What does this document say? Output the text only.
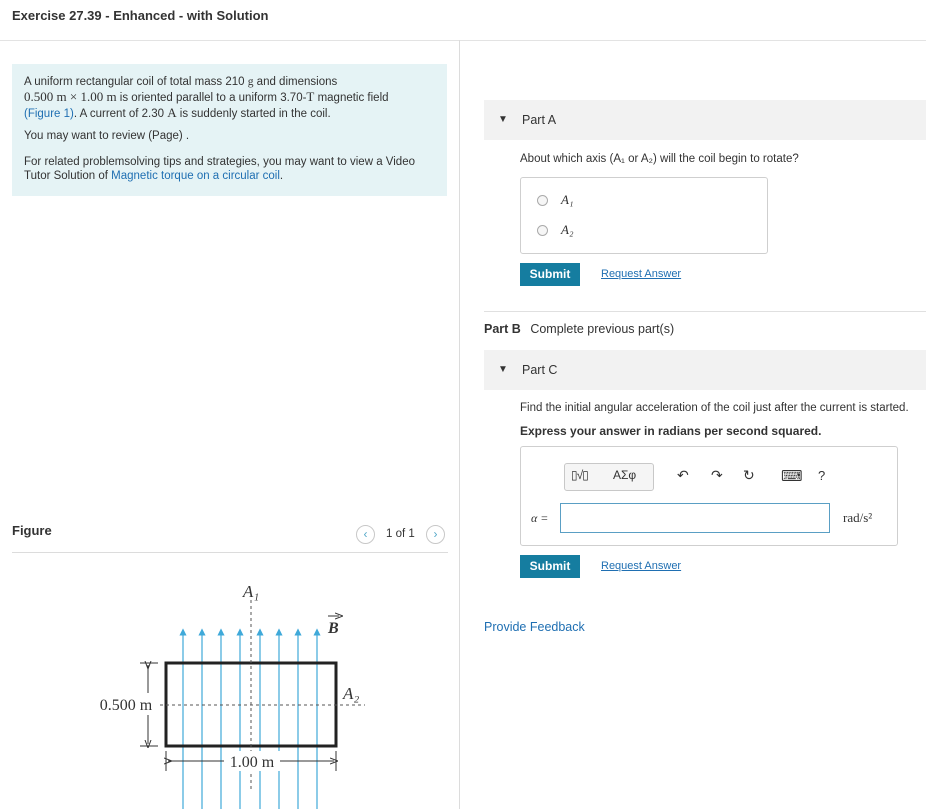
Exercise 27.39 - Enhanced - with Solution
A uniform rectangular coil of total mass 210 g and dimensions
0.500 m × 1.00 m is oriented parallel to a uniform 3.70-T magnetic field
(Figure 1). A current of 2.30 A is suddenly started in the coil.
You may want to review (Page) .
For related problemsolving tips and strategies, you may want to view a Video
Tutor Solution of Magnetic torque on a circular coil.
Figure	‹	1 of 1	›
0.500 m
1.00 m
A₁
A₂
B
▼ Part A
About which axis (A₁ or A₂) will the coil begin to rotate?
A₁
A₂
Submit	Request Answer
Part B Complete previous part(s)
▼ Part C
Find the initial angular acceleration of the coil just after the current is started.
Express your answer in radians per second squared.
▯√▯ ΑΣφ	↶ ↷ ↻ ⌨ ?
α =	rad/s²
Submit	Request Answer
Provide Feedback
